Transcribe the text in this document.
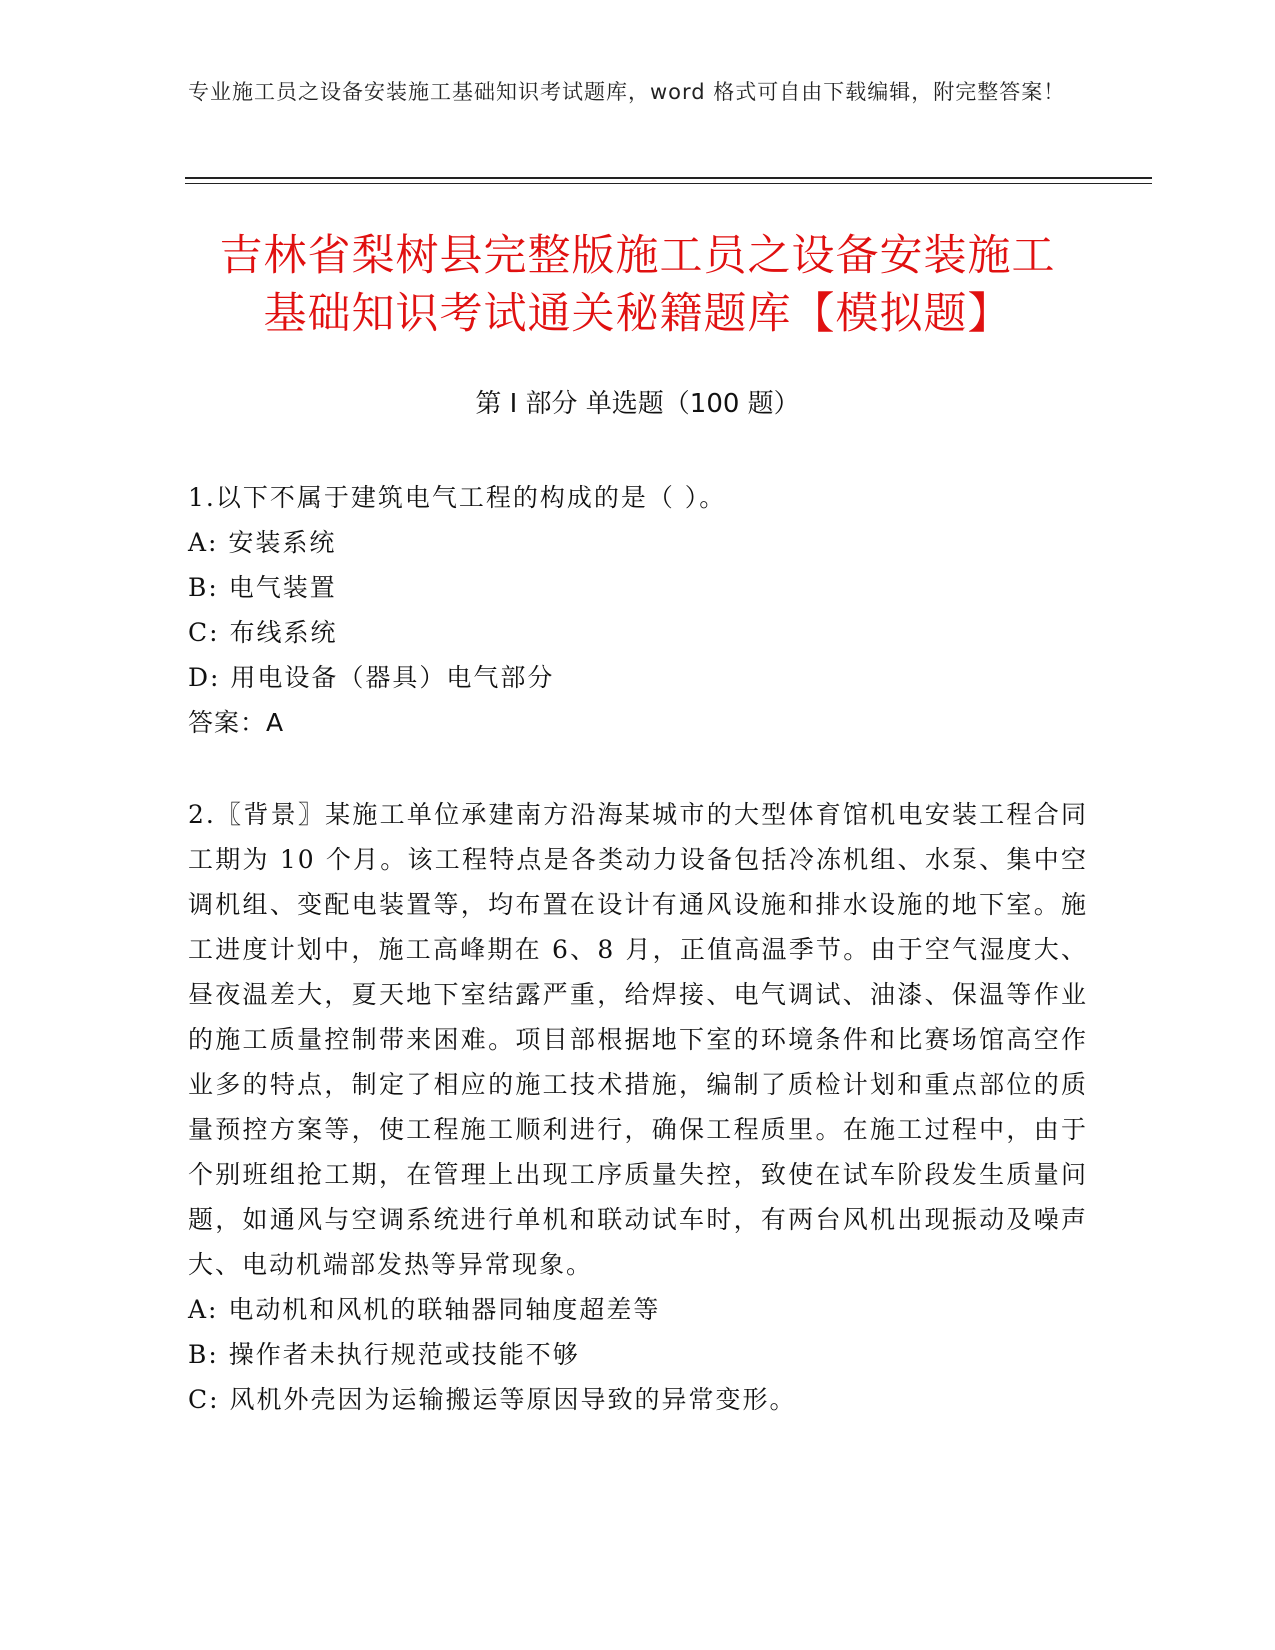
专业施工员之设备安装施工基础知识考试题库，word 格式可自由下载编辑，附完整答案！
吉林省梨树县完整版施工员之设备安装施工
基础知识考试通关秘籍题库【模拟题】
第 I 部分 单选题（100 题）

1.以下不属于建筑电气工程的构成的是（ ）。

A: 安装系统

B: 电气装置

C: 布线系统

D: 用电设备（器具）电气部分

答案：A

2.〖背景〗某施工单位承建南方沿海某城市的大型体育馆机电安装工程合同工期为 10 个月。该工程特点是各类动力设备包括冷冻机组、水泵、集中空调机组、变配电装置等，均布置在设计有通风设施和排水设施的地下室。施工进度计划中，施工高峰期在 6、8 月，正值高温季节。由于空气湿度大、昼夜温差大，夏天地下室结露严重，给焊接、电气调试、油漆、保温等作业的施工质量控制带来困难。项目部根据地下室的环境条件和比赛场馆高空作业多的特点，制定了相应的施工技术措施，编制了质检计划和重点部位的质量预控方案等，使工程施工顺利进行，确保工程质里。在施工过程中，由于个别班组抢工期，在管理上出现工序质量失控，致使在试车阶段发生质量问题，如通风与空调系统进行单机和联动试车时，有两台风机出现振动及噪声大、电动机端部发热等异常现象。

A: 电动机和风机的联轴器同轴度超差等

B: 操作者未执行规范或技能不够

C: 风机外壳因为运输搬运等原因导致的异常变形。
